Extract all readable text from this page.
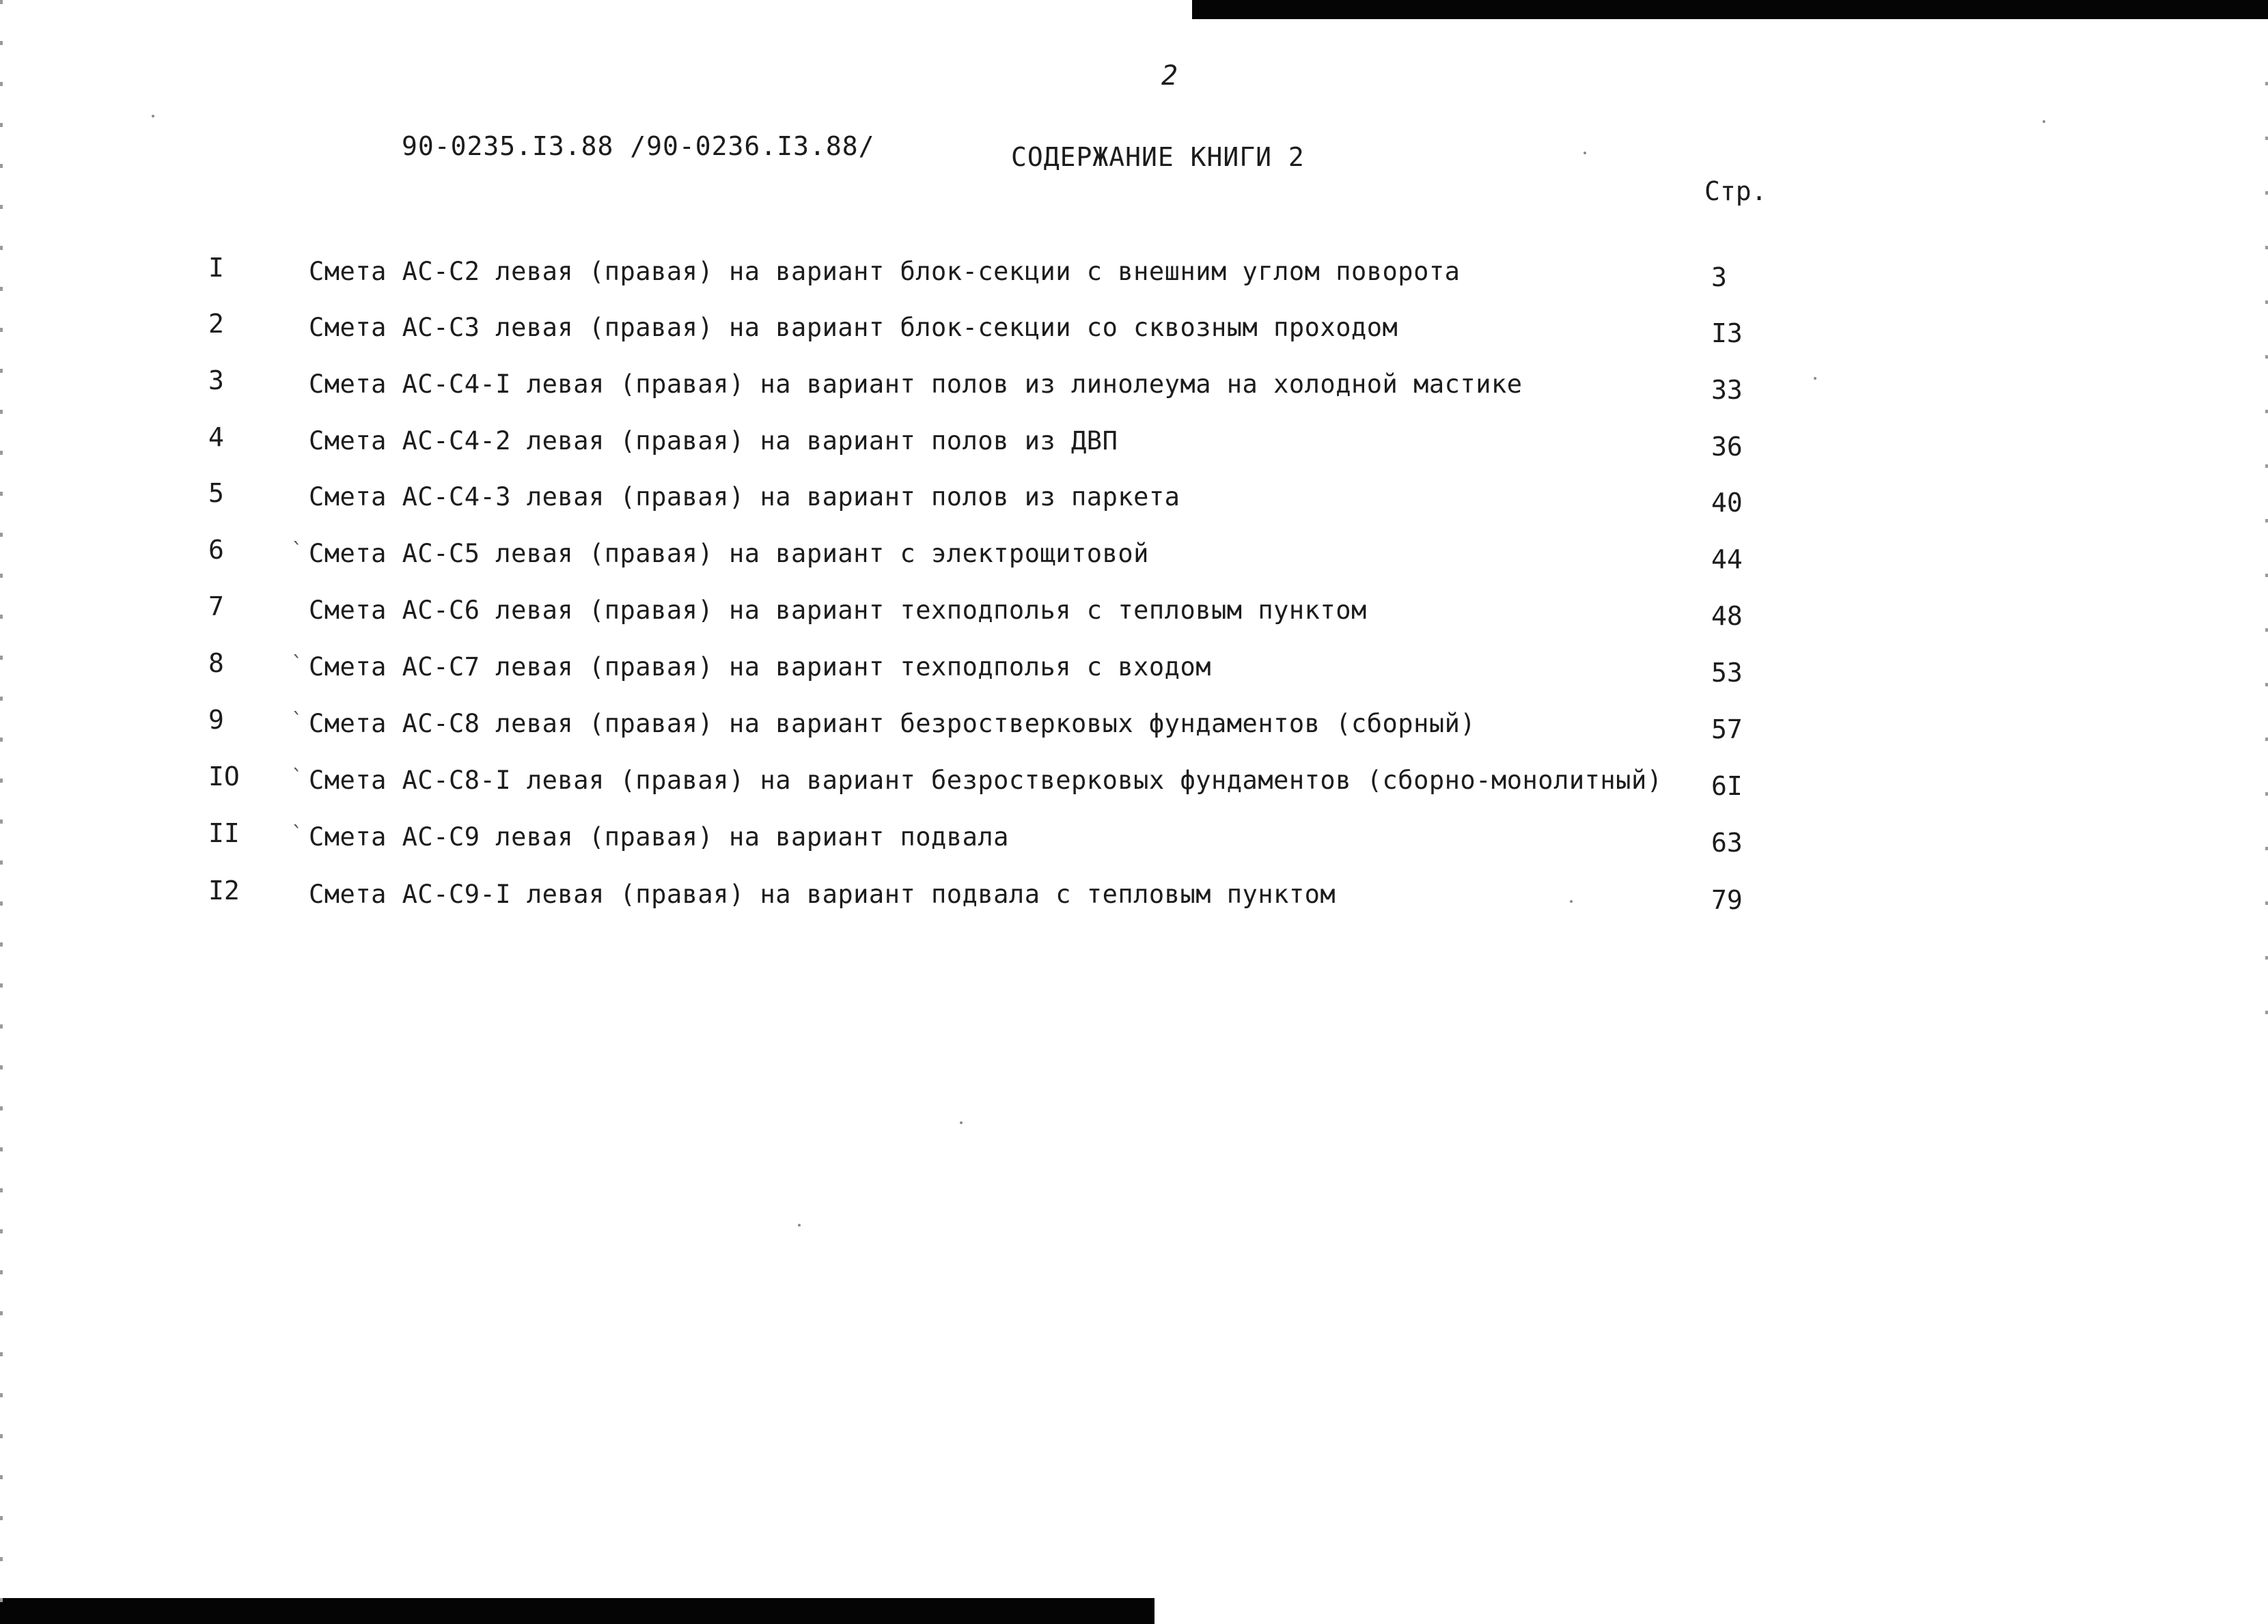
2
90-0235.I3.88 /90-0236.I3.88/	СОДЕРЖАНИЕ КНИГИ 2
Стр.
I	Смета АС-С2 левая (правая) на вариант блок-секции с внешним углом поворота	3
2	Смета АС-С3 левая (правая) на вариант блок-секции со сквозным проходом	I3
3	Смета АС-С4-I левая (правая) на вариант полов из линолеума на холодной мастике	33
4	Смета АС-С4-2 левая (правая) на вариант полов из ДВП	36
5	Смета АС-С4-3 левая (правая) на вариант полов из паркета	40
6	` Смета АС-С5 левая (правая) на вариант с электрощитовой	44
7	Смета АС-С6 левая (правая) на вариант техподполья с тепловым пунктом	48
8	` Смета АС-С7 левая (правая) на вариант техподполья с входом	53
9	` Смета АС-С8 левая (правая) на вариант безростверковых фундаментов (сборный)	57
IO	` Смета АС-С8-I левая (правая) на вариант безростверковых фундаментов (сборно-монолитный) 6I
II	` Смета АС-С9 левая (правая) на вариант подвала	63
I2	Смета АС-С9-I левая (правая) на вариант подвала с тепловым пунктом	79
